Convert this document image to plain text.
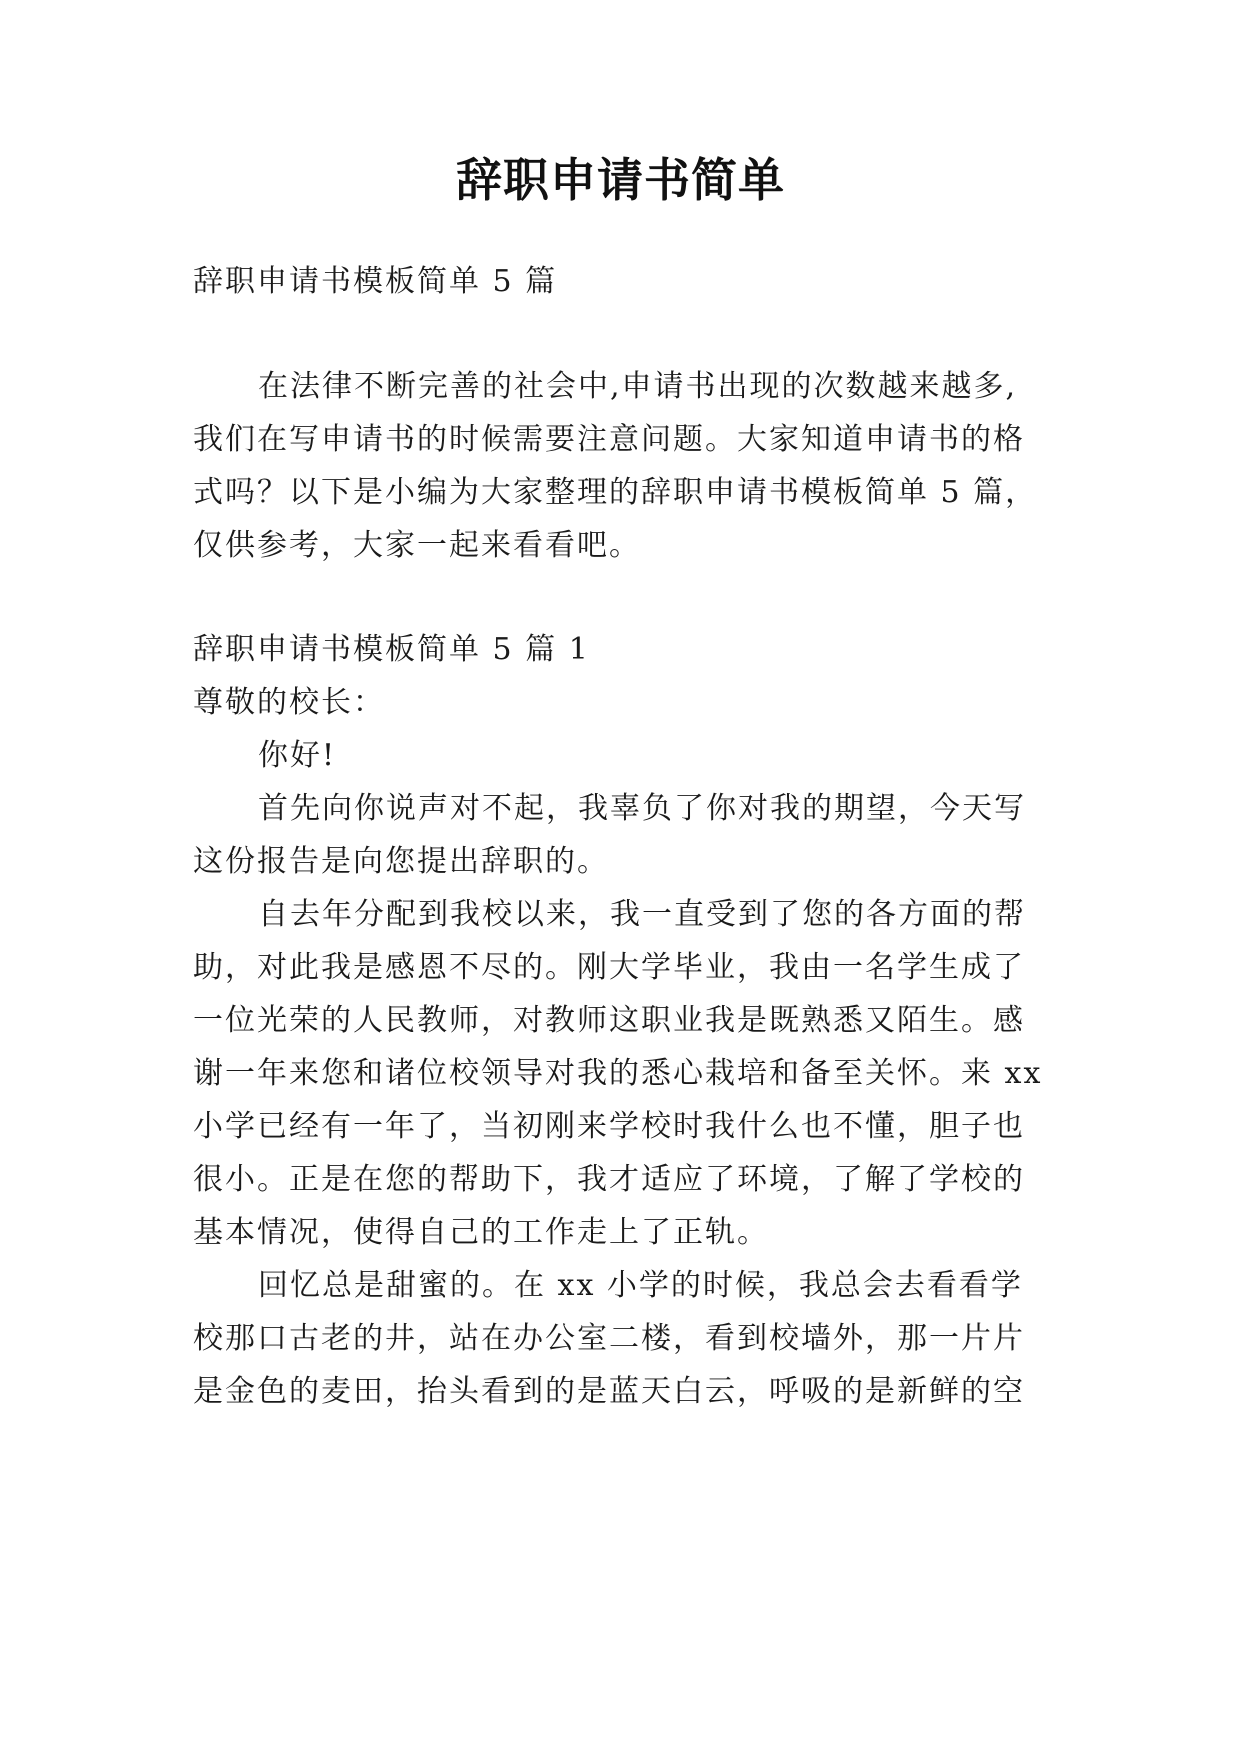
辞职申请书简单
辞职申请书模板简单 5 篇
在法律不断完善的社会中,申请书出现的次数越来越多,
我们在写申请书的时候需要注意问题。大家知道申请书的格
式吗？以下是小编为大家整理的辞职申请书模板简单 5 篇，
仅供参考，大家一起来看看吧。
辞职申请书模板简单 5 篇 1
尊敬的校长：
你好!
首先向你说声对不起，我辜负了你对我的期望，今天写
这份报告是向您提出辞职的。
自去年分配到我校以来，我一直受到了您的各方面的帮
助，对此我是感恩不尽的。刚大学毕业，我由一名学生成了
一位光荣的人民教师，对教师这职业我是既熟悉又陌生。感
谢一年来您和诸位校领导对我的悉心栽培和备至关怀。来 xx
小学已经有一年了，当初刚来学校时我什么也不懂，胆子也
很小。正是在您的帮助下，我才适应了环境，了解了学校的
基本情况，使得自己的工作走上了正轨。
回忆总是甜蜜的。在 xx 小学的时候，我总会去看看学
校那口古老的井，站在办公室二楼，看到校墙外，那一片片
是金色的麦田，抬头看到的是蓝天白云，呼吸的是新鲜的空
